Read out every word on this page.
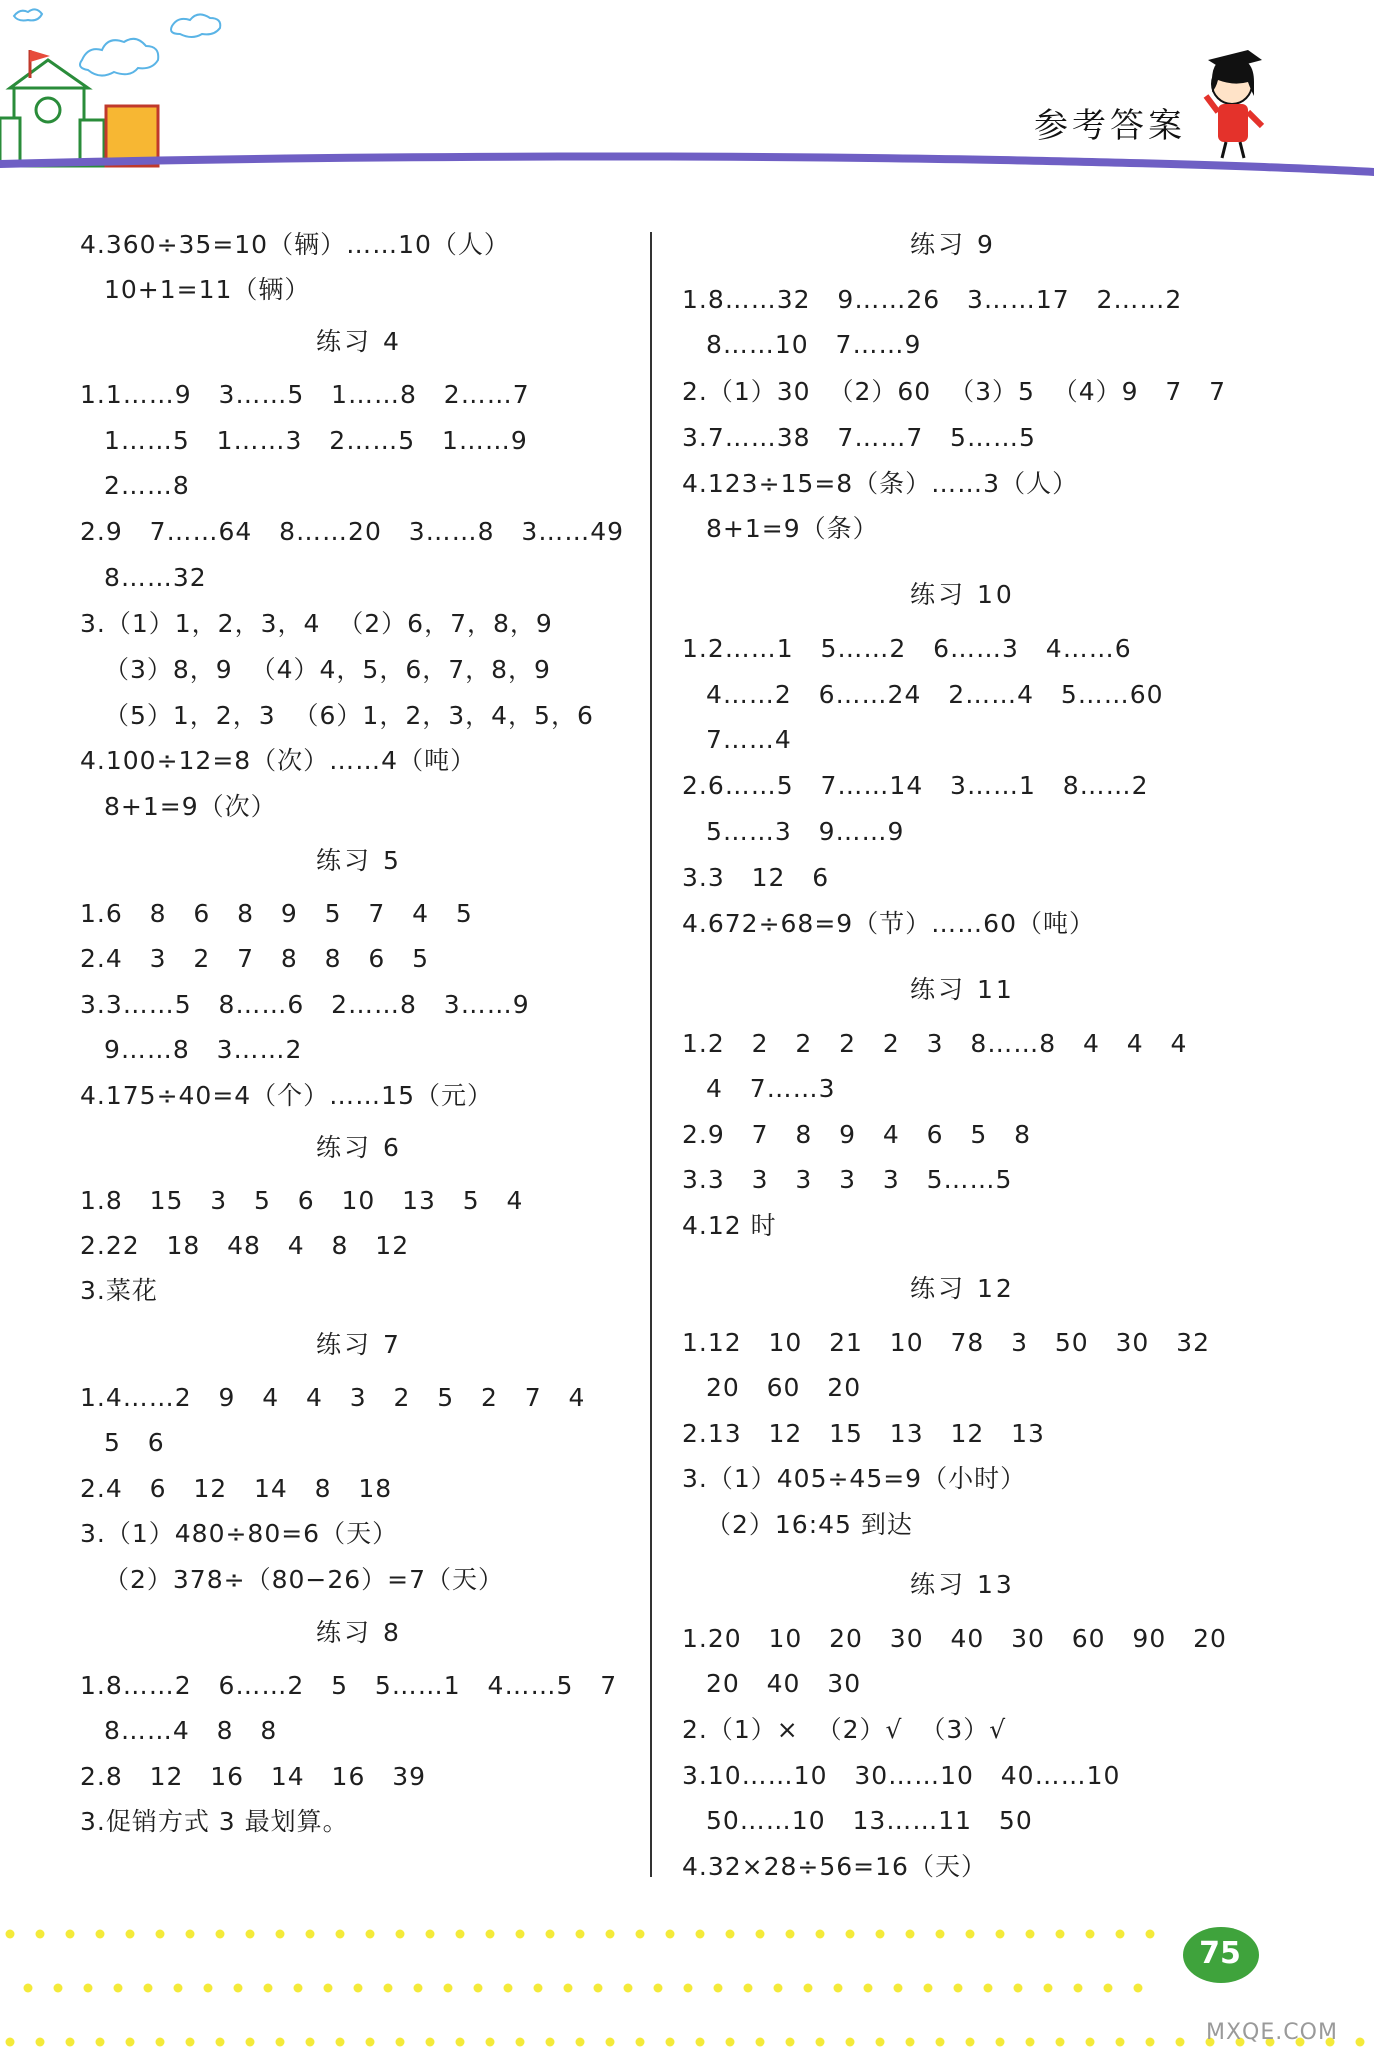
参考答案
4.360÷35=10（辆）……10（人）
10+1=11（辆）
练习 4
1.1……9   3……5   1……8   2……7
1……5   1……3   2……5   1……9
2……8
2.9   7……64   8……20   3……8   3……49
8……32
3.（1）1，2，3，4  （2）6，7，8，9
（3）8，9  （4）4，5，6，7，8，9
（5）1，2，3  （6）1，2，3，4，5，6
4.100÷12=8（次）……4（吨）
8+1=9（次）
练习 5
1.6   8   6   8   9   5   7   4   5
2.4   3   2   7   8   8   6   5
3.3……5   8……6   2……8   3……9
9……8   3……2
4.175÷40=4（个）……15（元）
练习 6
1.8   15   3   5   6   10   13   5   4
2.22   18   48   4   8   12
3.菜花
练习 7
1.4……2   9   4   4   3   2   5   2   7   4
5   6
2.4   6   12   14   8   18
3.（1）480÷80=6（天）
（2）378÷（80−26）=7（天）
练习 8
1.8……2   6……2   5   5……1   4……5   7
8……4   8   8
2.8   12   16   14   16   39
3.促销方式 3 最划算。
练习 9
1.8……32   9……26   3……17   2……2
8……10   7……9
2.（1）30  （2）60  （3）5  （4）9   7   7
3.7……38   7……7   5……5
4.123÷15=8（条）……3（人）
8+1=9（条）
练习 10
1.2……1   5……2   6……3   4……6
4……2   6……24   2……4   5……60
7……4
2.6……5   7……14   3……1   8……2
5……3   9……9
3.3   12   6
4.672÷68=9（节）……60（吨）
练习 11
1.2   2   2   2   2   3   8……8   4   4   4
4   7……3
2.9   7   8   9   4   6   5   8
3.3   3   3   3   3   5……5
4.12 时
练习 12
1.12   10   21   10   78   3   50   30   32
20   60   20
2.13   12   15   13   12   13
3.（1）405÷45=9（小时）
（2）16:45 到达
练习 13
1.20   10   20   30   40   30   60   90   20
20   40   30
2.（1）×  （2）√  （3）√
3.10……10   30……10   40……10
50……10   13……11   50
4.32×28÷56=16（天）
75
MXQE.COM
